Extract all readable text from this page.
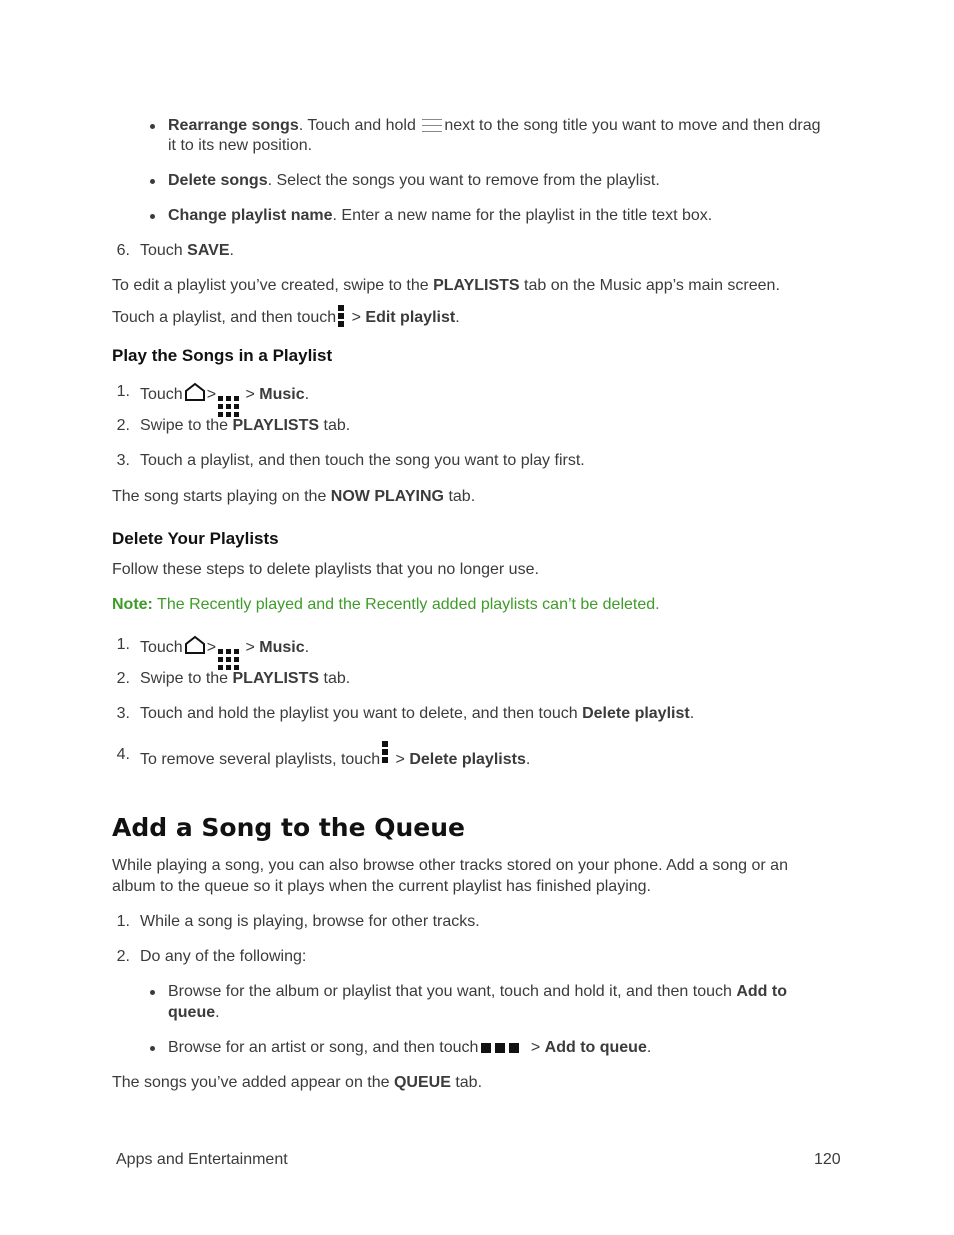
Rearrange songs. Touch and hold next to the song title you want to move and then drag
it to its new position.
Delete songs. Select the songs you want to remove from the playlist.
Change playlist name. Enter a new name for the playlist in the title text box.
6. Touch SAVE.
To edit a playlist you’ve created, swipe to the PLAYLISTS tab on the Music app’s main screen.
Touch a playlist, and then touch
> Edit playlist.
Play the Songs in a Playlist
1. Touch >
> Music.
2. Swipe to the PLAYLISTS tab.
3. Touch a playlist, and then touch the song you want to play first.
The song starts playing on the NOW PLAYING tab.
Delete Your Playlists
Follow these steps to delete playlists that you no longer use.
Note: The Recently played and the Recently added playlists can’t be deleted.
1. Touch >
> Music.
2. Swipe to the PLAYLISTS tab.
3. Touch and hold the playlist you want to delete, and then touch Delete playlist.
4. To remove several playlists, touch
> Delete playlists.
Add a Song to the Queue
While playing a song, you can also browse other tracks stored on your phone. Add a song or an
album to the queue so it plays when the current playlist has finished playing.
1. While a song is playing, browse for other tracks.
2. Do any of the following:
Browse for the album or playlist that you want, touch and hold it, and then touch Add to
queue.
Browse for an artist or song, and then touch	> Add to queue.
The songs you’ve added appear on the QUEUE tab.
Apps and Entertainment	120
